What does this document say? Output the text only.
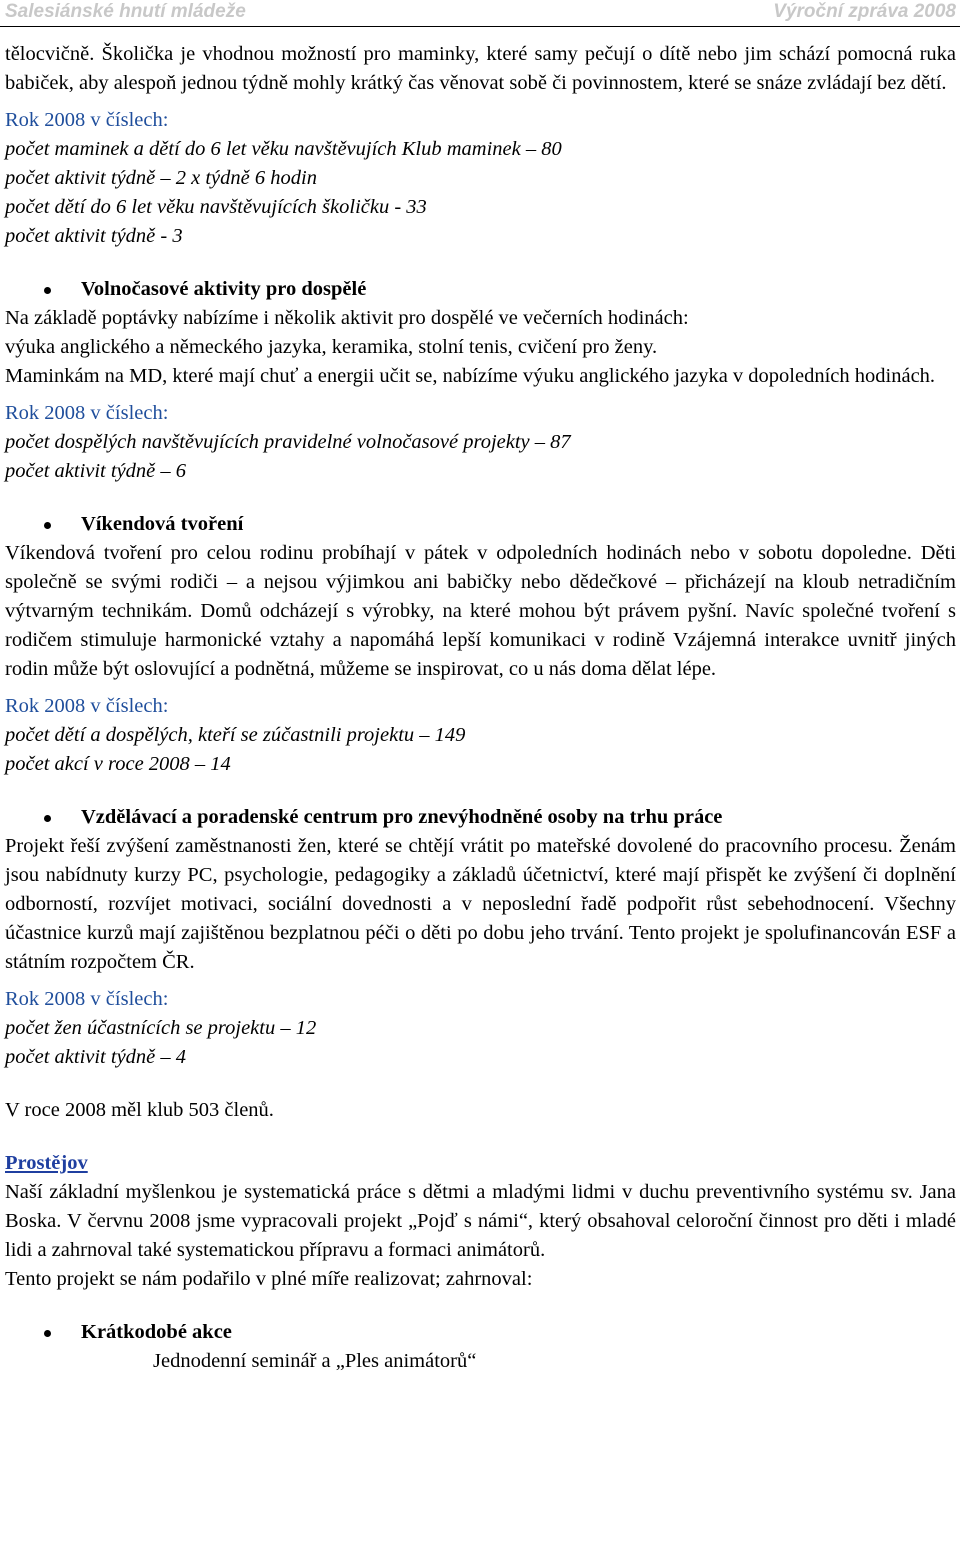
Salesiánské hnutí mládeže	Výroční zpráva 2008

tělocvičně. Školička je vhodnou možností pro maminky, které samy pečují o dítě nebo jim schází pomocná ruka babiček, aby alespoň jednou týdně mohly krátký čas věnovat sobě či povinnostem, které se snáze zvládají bez dětí.

Rok 2008 v číslech:
počet maminek a dětí do 6 let věku navštěvujích Klub maminek – 80
počet aktivit týdně – 2 x týdně 6 hodin
počet dětí do 6 let věku navštěvujících školičku - 33
počet aktivit týdně - 3
Volnočasové aktivity pro dospělé

Na základě poptávky nabízíme i několik aktivit pro dospělé ve večerních hodinách:

výuka anglického a německého jazyka, keramika, stolní tenis, cvičení pro ženy.

Maminkám na MD, které mají chuť a energii učit se, nabízíme výuku anglického jazyka v dopoledních hodinách.

Rok 2008 v číslech:
počet dospělých navštěvujících pravidelné volnočasové projekty – 87
počet aktivit týdně – 6
Víkendová tvoření

Víkendová tvoření pro celou rodinu probíhají v pátek v odpoledních hodinách nebo v sobotu dopoledne. Děti společně se svými rodiči – a nejsou výjimkou ani babičky nebo dědečkové – přicházejí na kloub netradičním výtvarným technikám. Domů odcházejí s výrobky, na které mohou být právem pyšní. Navíc společné tvoření s rodičem stimuluje harmonické vztahy a napomáhá lepší komunikaci v rodině Vzájemná interakce uvnitř jiných rodin může být oslovující a podnětná, můžeme se inspirovat, co u nás doma dělat lépe.

Rok 2008 v číslech:
počet dětí a dospělých, kteří se zúčastnili projektu – 149
počet akcí v roce 2008 – 14
Vzdělávací a poradenské centrum pro znevýhodněné osoby na trhu práce

Projekt řeší zvýšení zaměstnanosti žen, které se chtějí vrátit po mateřské dovolené do pracovního procesu. Ženám jsou nabídnuty kurzy PC, psychologie, pedagogiky a základů účetnictví, které mají přispět ke zvýšení či doplnění odborností, rozvíjet motivaci, sociální dovednosti a v neposlední řadě podpořit růst sebehodnocení. Všechny účastnice kurzů mají zajištěnou bezplatnou péči o děti po dobu jeho trvání. Tento projekt je spolufinancován ESF a státním rozpočtem ČR.

Rok 2008 v číslech:
počet žen účastnících se projektu – 12
počet aktivit týdně – 4

V roce 2008 měl klub 503 členů.

Prostějov

Naší základní myšlenkou je systematická práce s dětmi a mladými lidmi v duchu preventivního systému sv. Jana Boska. V červnu 2008 jsme vypracovali projekt „Pojď s námi“, který obsahoval celoroční činnost pro děti i mladé lidi a zahrnoval také systematickou přípravu a formaci animátorů.

Tento projekt se nám podařilo v plné míře realizovat; zahrnoval:

Krátkodobé akce
Jednodenní seminář a „Ples animátorů“
